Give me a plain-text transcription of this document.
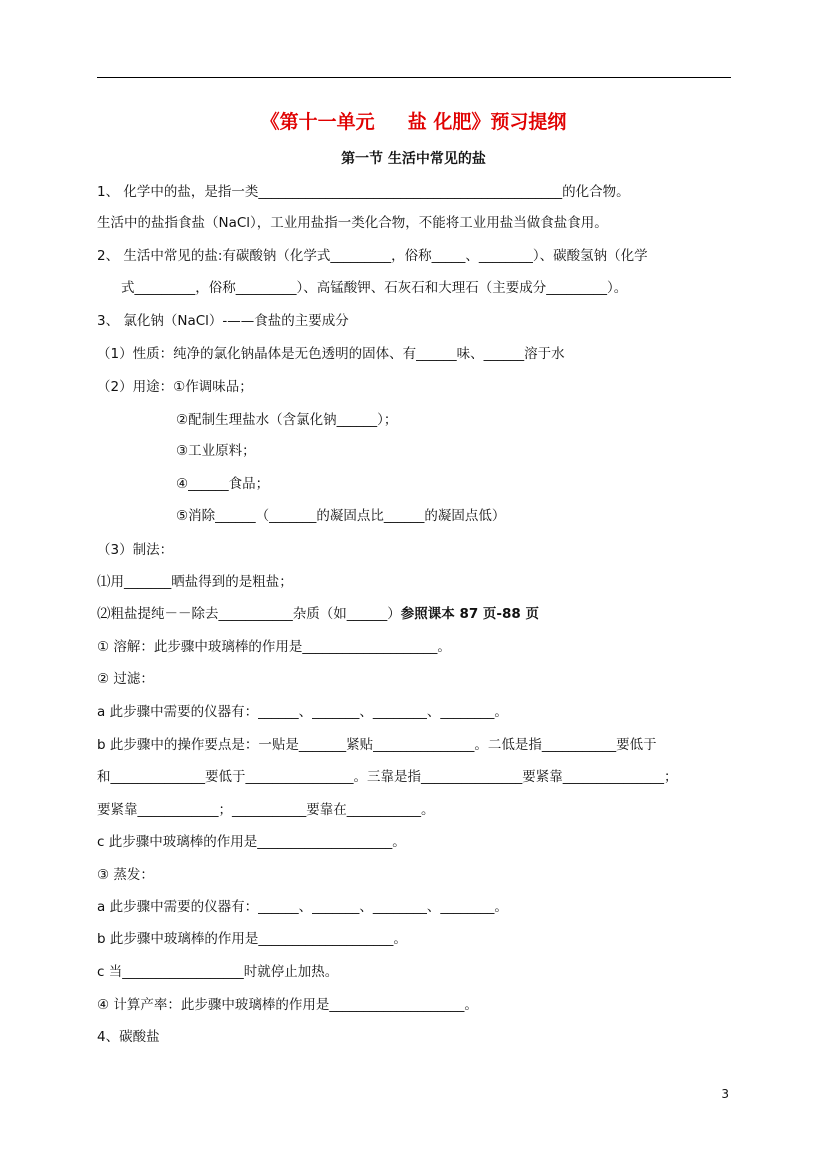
《第十一单元     盐 化肥》预习提纲
第一节 生活中常见的盐
1、 化学中的盐，是指一类_____________________________________________的化合物。
生活中的盐指食盐（NaCl），工业用盐指一类化合物，不能将工业用盐当做食盐食用。
2、 生活中常见的盐:有碳酸钠（化学式_________，俗称_____、________）、碳酸氢钠（化学
式_________，俗称_________）、高锰酸钾、石灰石和大理石（主要成分_________）。
3、 氯化钠（NaCl）-——食盐的主要成分
（1）性质：纯净的氯化钠晶体是无色透明的固体、有______味、______溶于水
（2）用途：①作调味品；
②配制生理盐水（含氯化钠______）；
③工业原料；
④______食品；
⑤消除______（_______的凝固点比______的凝固点低）
（3）制法：
⑴用_______晒盐得到的是粗盐；
⑵粗盐提纯－－除去___________杂质（如______）参照课本 87 页-88 页
① 溶解：此步骤中玻璃棒的作用是____________________。
② 过滤：
a 此步骤中需要的仪器有：______、_______、________、________。
b 此步骤中的操作要点是：一贴是_______紧贴_______________。二低是指___________要低于
和______________要低于________________。三靠是指_______________要紧靠_______________；
要紧靠____________；___________要靠在___________。
c 此步骤中玻璃棒的作用是____________________。
③ 蒸发：
a 此步骤中需要的仪器有：______、_______、________、________。
b 此步骤中玻璃棒的作用是____________________。
c 当__________________时就停止加热。
④ 计算产率：此步骤中玻璃棒的作用是____________________。
4、碳酸盐
3
